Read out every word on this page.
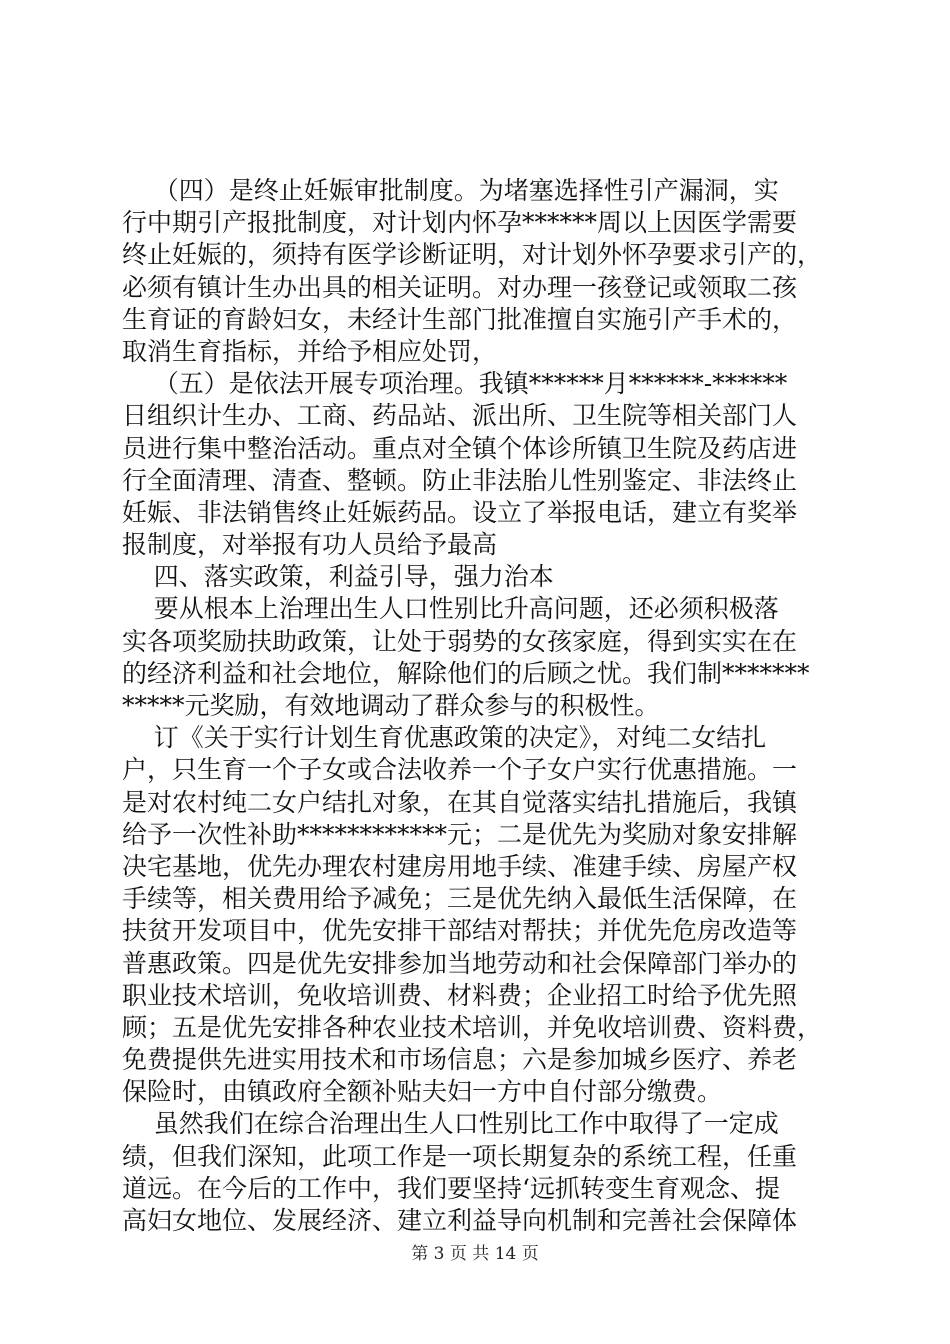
（四）是终止妊娠审批制度。为堵塞选择性引产漏洞，实
行中期引产报批制度，对计划内怀孕******周以上因医学需要
终止妊娠的，须持有医学诊断证明，对计划外怀孕要求引产的，
必须有镇计生办出具的相关证明。对办理一孩登记或领取二孩
生育证的育龄妇女，未经计生部门批准擅自实施引产手术的，
取消生育指标，并给予相应处罚，
（五）是依法开展专项治理。我镇******月******-******
日组织计生办、工商、药品站、派出所、卫生院等相关部门人
员进行集中整治活动。重点对全镇个体诊所镇卫生院及药店进
行全面清理、清查、整顿。防止非法胎儿性别鉴定、非法终止
妊娠、非法销售终止妊娠药品。设立了举报电话，建立有奖举
报制度，对举报有功人员给予最高
四、落实政策，利益引导，强力治本
要从根本上治理出生人口性别比升高问题，还必须积极落
实各项奖励扶助政策，让处于弱势的女孩家庭，得到实实在在
的经济利益和社会地位，解除他们的后顾之忧。我们制*******
*****元奖励，有效地调动了群众参与的积极性。
订《关于实行计划生育优惠政策的决定》，对纯二女结扎
户，只生育一个子女或合法收养一个子女户实行优惠措施。一
是对农村纯二女户结扎对象，在其自觉落实结扎措施后，我镇
给予一次性补助************元；二是优先为奖励对象安排解
决宅基地，优先办理农村建房用地手续、准建手续、房屋产权
手续等，相关费用给予减免；三是优先纳入最低生活保障，在
扶贫开发项目中，优先安排干部结对帮扶；并优先危房改造等
普惠政策。四是优先安排参加当地劳动和社会保障部门举办的
职业技术培训，免收培训费、材料费；企业招工时给予优先照
顾；五是优先安排各种农业技术培训，并免收培训费、资料费，
免费提供先进实用技术和市场信息；六是参加城乡医疗、养老
保险时，由镇政府全额补贴夫妇一方中自付部分缴费。
虽然我们在综合治理出生人口性别比工作中取得了一定成
绩，但我们深知，此项工作是一项长期复杂的系统工程，任重
道远。在今后的工作中，我们要坚持‘远抓转变生育观念、提
高妇女地位、发展经济、建立利益导向机制和完善社会保障体
第 3 页 共 14 页
